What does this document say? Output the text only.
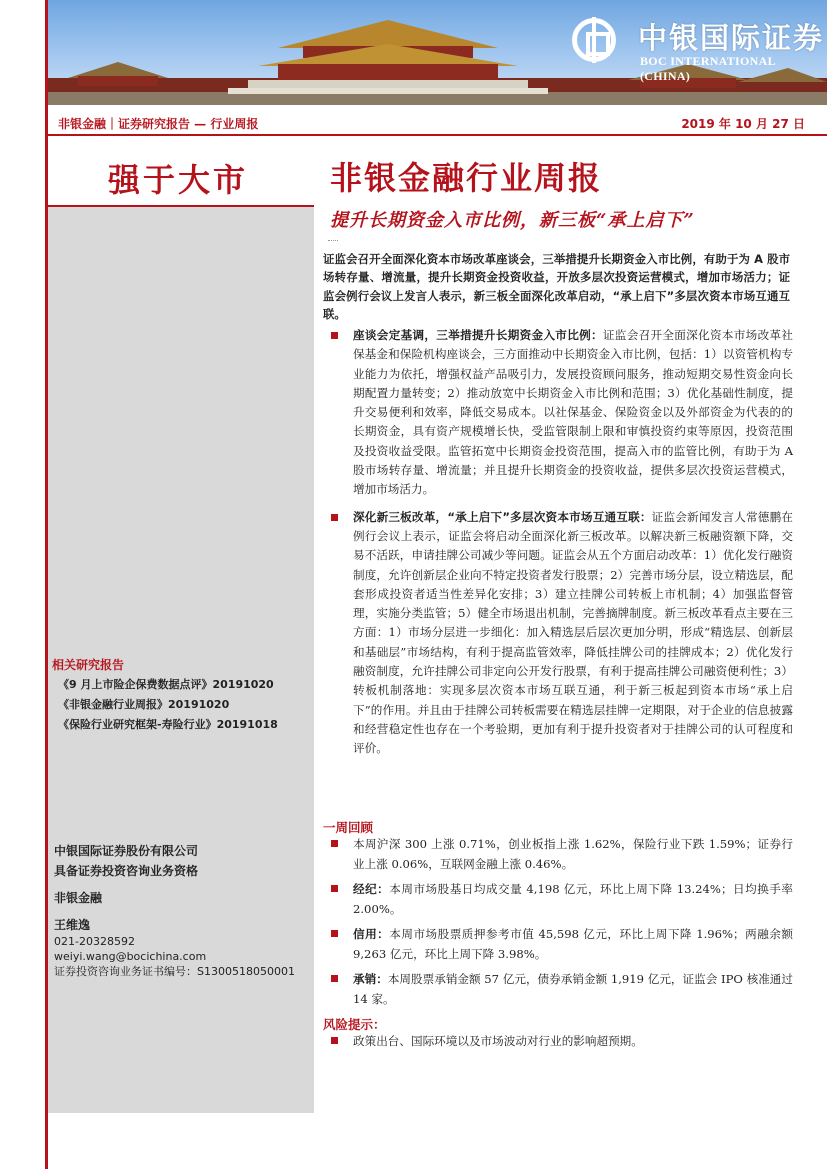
中银国际证券
BOC INTERNATIONAL (CHINA)
非银金融｜证券研究报告 — 行业周报	2019 年 10 月 27 日
强于大市
相关研究报告
《9 月上市险企保费数据点评》20191020
《非银金融行业周报》20191020
《保险行业研究框架-寿险行业》20191018
中银国际证券股份有限公司
具备证券投资咨询业务资格
非银金融
王维逸
021-20328592
weiyi.wang@bocichina.com
证券投资咨询业务证书编号：S1300518050001
非银金融行业周报
提升长期资金入市比例，新三板“承上启下”
证监会召开全面深化资本市场改革座谈会，三举措提升长期资金入市比例，有助于为 A 股市场转存量、增流量，提升长期资金投资收益，开放多层次投资运营模式，增加市场活力；证监会例行会议上发言人表示，新三板全面深化改革启动，“承上启下”多层次资本市场互通互联。
座谈会定基调，三举措提升长期资金入市比例：证监会召开全面深化资本市场改革社保基金和保险机构座谈会，三方面推动中长期资金入市比例，包括：1）以资管机构专业能力为依托，增强权益产品吸引力，发展投资顾问服务，推动短期交易性资金向长期配置力量转变；2）推动放宽中长期资金入市比例和范围；3）优化基础性制度，提升交易便利和效率，降低交易成本。以社保基金、保险资金以及外部资金为代表的的长期资金，具有资产规模增长快，受监管限制上限和审慎投资约束等原因，投资范围及投资收益受限。监管拓宽中长期资金投资范围，提高入市的监管比例，有助于为 A 股市场转存量、增流量；并且提升长期资金的投资收益，提供多层次投资运营模式，增加市场活力。
深化新三板改革，“承上启下”多层次资本市场互通互联：证监会新闻发言人常德鹏在例行会议上表示，证监会将启动全面深化新三板改革。以解决新三板融资额下降，交易不活跃，申请挂牌公司减少等问题。证监会从五个方面启动改革：1）优化发行融资制度，允许创新层企业向不特定投资者发行股票；2）完善市场分层，设立精选层，配套形成投资者适当性差异化安排；3）建立挂牌公司转板上市机制；4）加强监督管理，实施分类监管；5）健全市场退出机制，完善摘牌制度。新三板改革看点主要在三方面：1）市场分层进一步细化：加入精选层后层次更加分明，形成“精选层、创新层和基础层”市场结构，有利于提高监管效率，降低挂牌公司的挂牌成本；2）优化发行融资制度，允许挂牌公司非定向公开发行股票，有利于提高挂牌公司融资便利性；3）转板机制落地：实现多层次资本市场互联互通，利于新三板起到资本市场“承上启下”的作用。并且由于挂牌公司转板需要在精选层挂牌一定期限，对于企业的信息披露和经营稳定性也存在一个考验期，更加有利于提升投资者对于挂牌公司的认可程度和评价。
一周回顾
本周沪深 300 上涨 0.71%，创业板指上涨 1.62%，保险行业下跌 1.59%；证券行业上涨 0.06%，互联网金融上涨 0.46%。
经纪：本周市场股基日均成交量 4,198 亿元，环比上周下降 13.24%；日均换手率 2.00%。
信用：本周市场股票质押参考市值 45,598 亿元，环比上周下降 1.96%；两融余额 9,263 亿元，环比上周下降 3.98%。
承销：本周股票承销金额 57 亿元，债券承销金额 1,919 亿元，证监会 IPO 核准通过 14 家。
风险提示：
政策出台、国际环境以及市场波动对行业的影响超预期。
